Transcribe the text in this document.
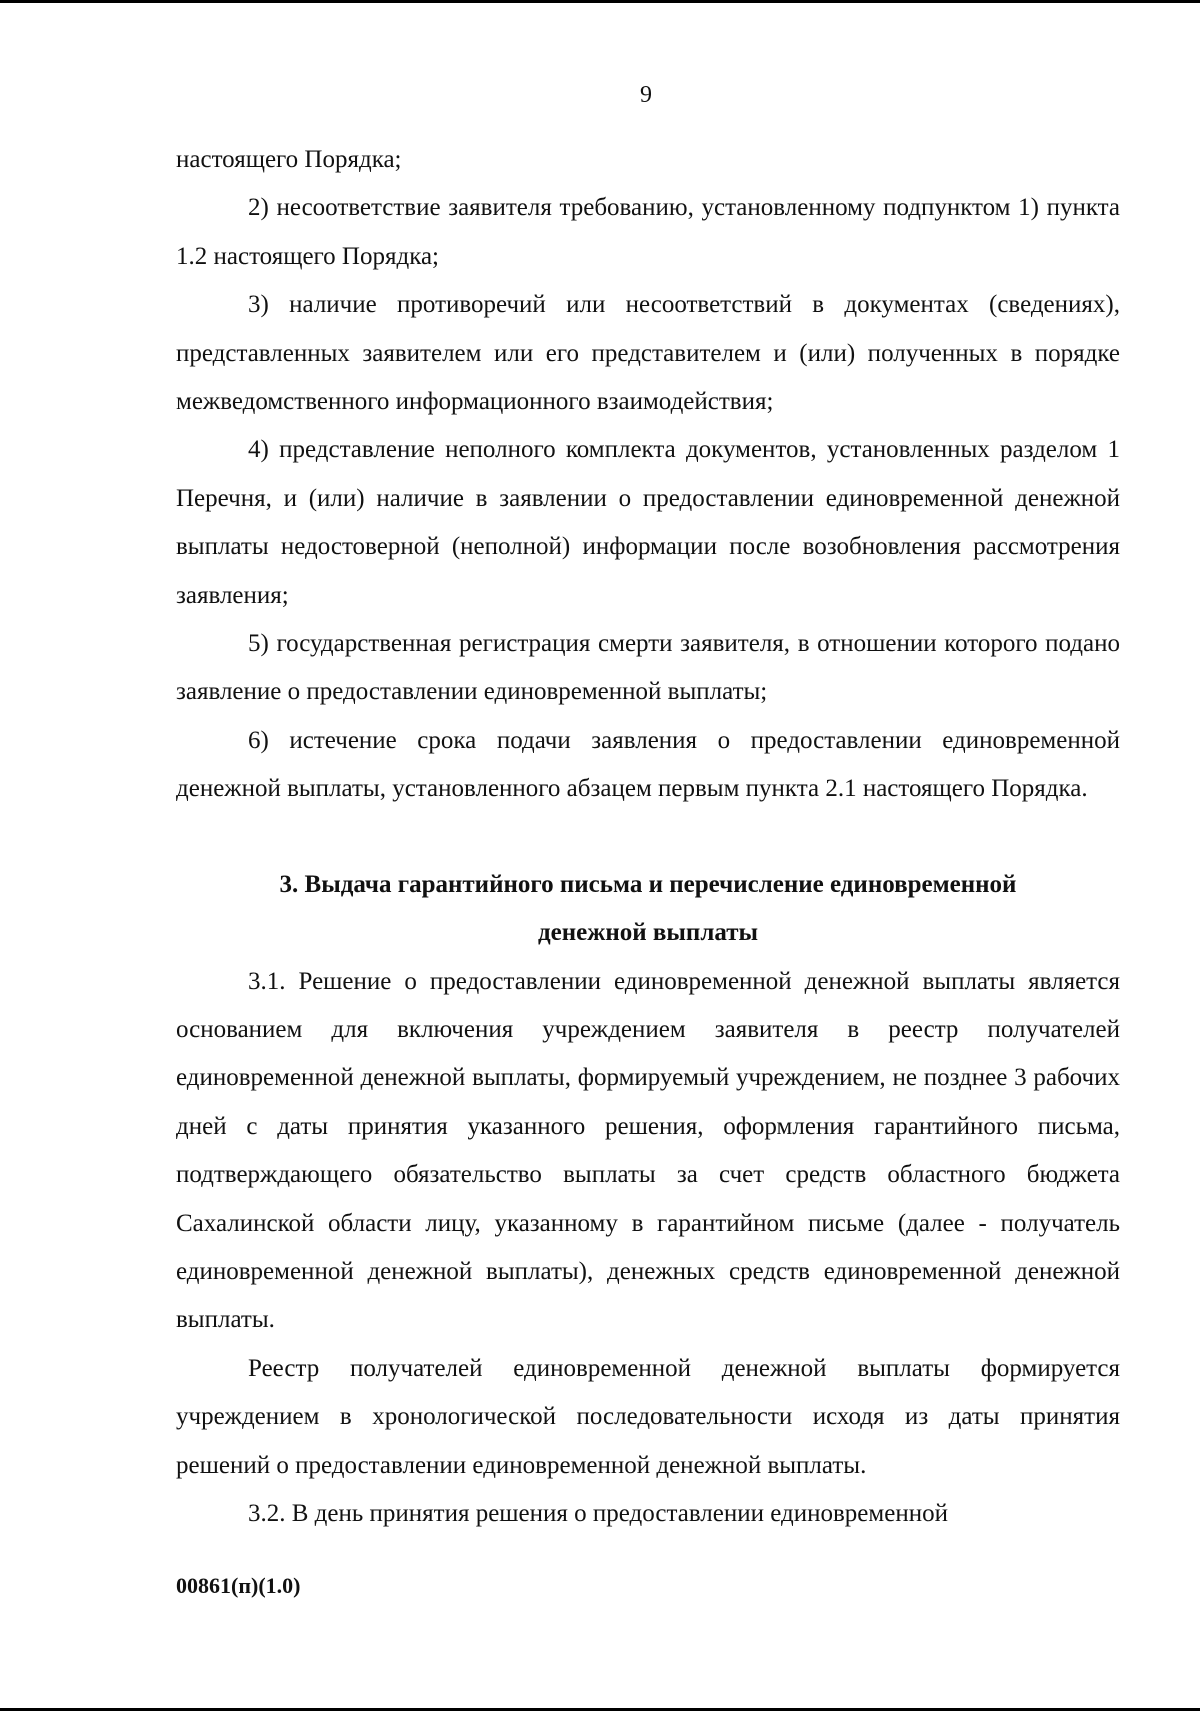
9

настоящего Порядка;

2) несоответствие заявителя требованию, установленному подпунктом 1) пункта 1.2 настоящего Порядка;

3) наличие противоречий или несоответствий в документах (сведениях), представленных заявителем или его представителем и (или) полученных в порядке межведомственного информационного взаимодействия;

4) представление неполного комплекта документов, установленных разделом 1 Перечня, и (или) наличие в заявлении о предоставлении единовременной денежной выплаты недостоверной (неполной) информации после возобновления рассмотрения заявления;

5) государственная регистрация смерти заявителя, в отношении которого подано заявление о предоставлении единовременной выплаты;

6) истечение срока подачи заявления о предоставлении единовременной денежной выплаты, установленного абзацем первым пункта 2.1 настоящего Порядка.

3. Выдача гарантийного письма и перечисление единовременной
денежной выплаты

3.1. Решение о предоставлении единовременной денежной выплаты является основанием для включения учреждением заявителя в реестр получателей единовременной денежной выплаты, формируемый учреждением, не позднее 3 рабочих дней с даты принятия указанного решения, оформления гарантийного письма, подтверждающего обязательство выплаты за счет средств областного бюджета Сахалинской области лицу, указанному в гарантийном письме (далее - получатель единовременной денежной выплаты), денежных средств единовременной денежной выплаты.

Реестр получателей единовременной денежной выплаты формируется учреждением в хронологической последовательности исходя из даты принятия решений о предоставлении единовременной денежной выплаты.

3.2. В день принятия решения о предоставлении единовременной

00861(п)(1.0)
